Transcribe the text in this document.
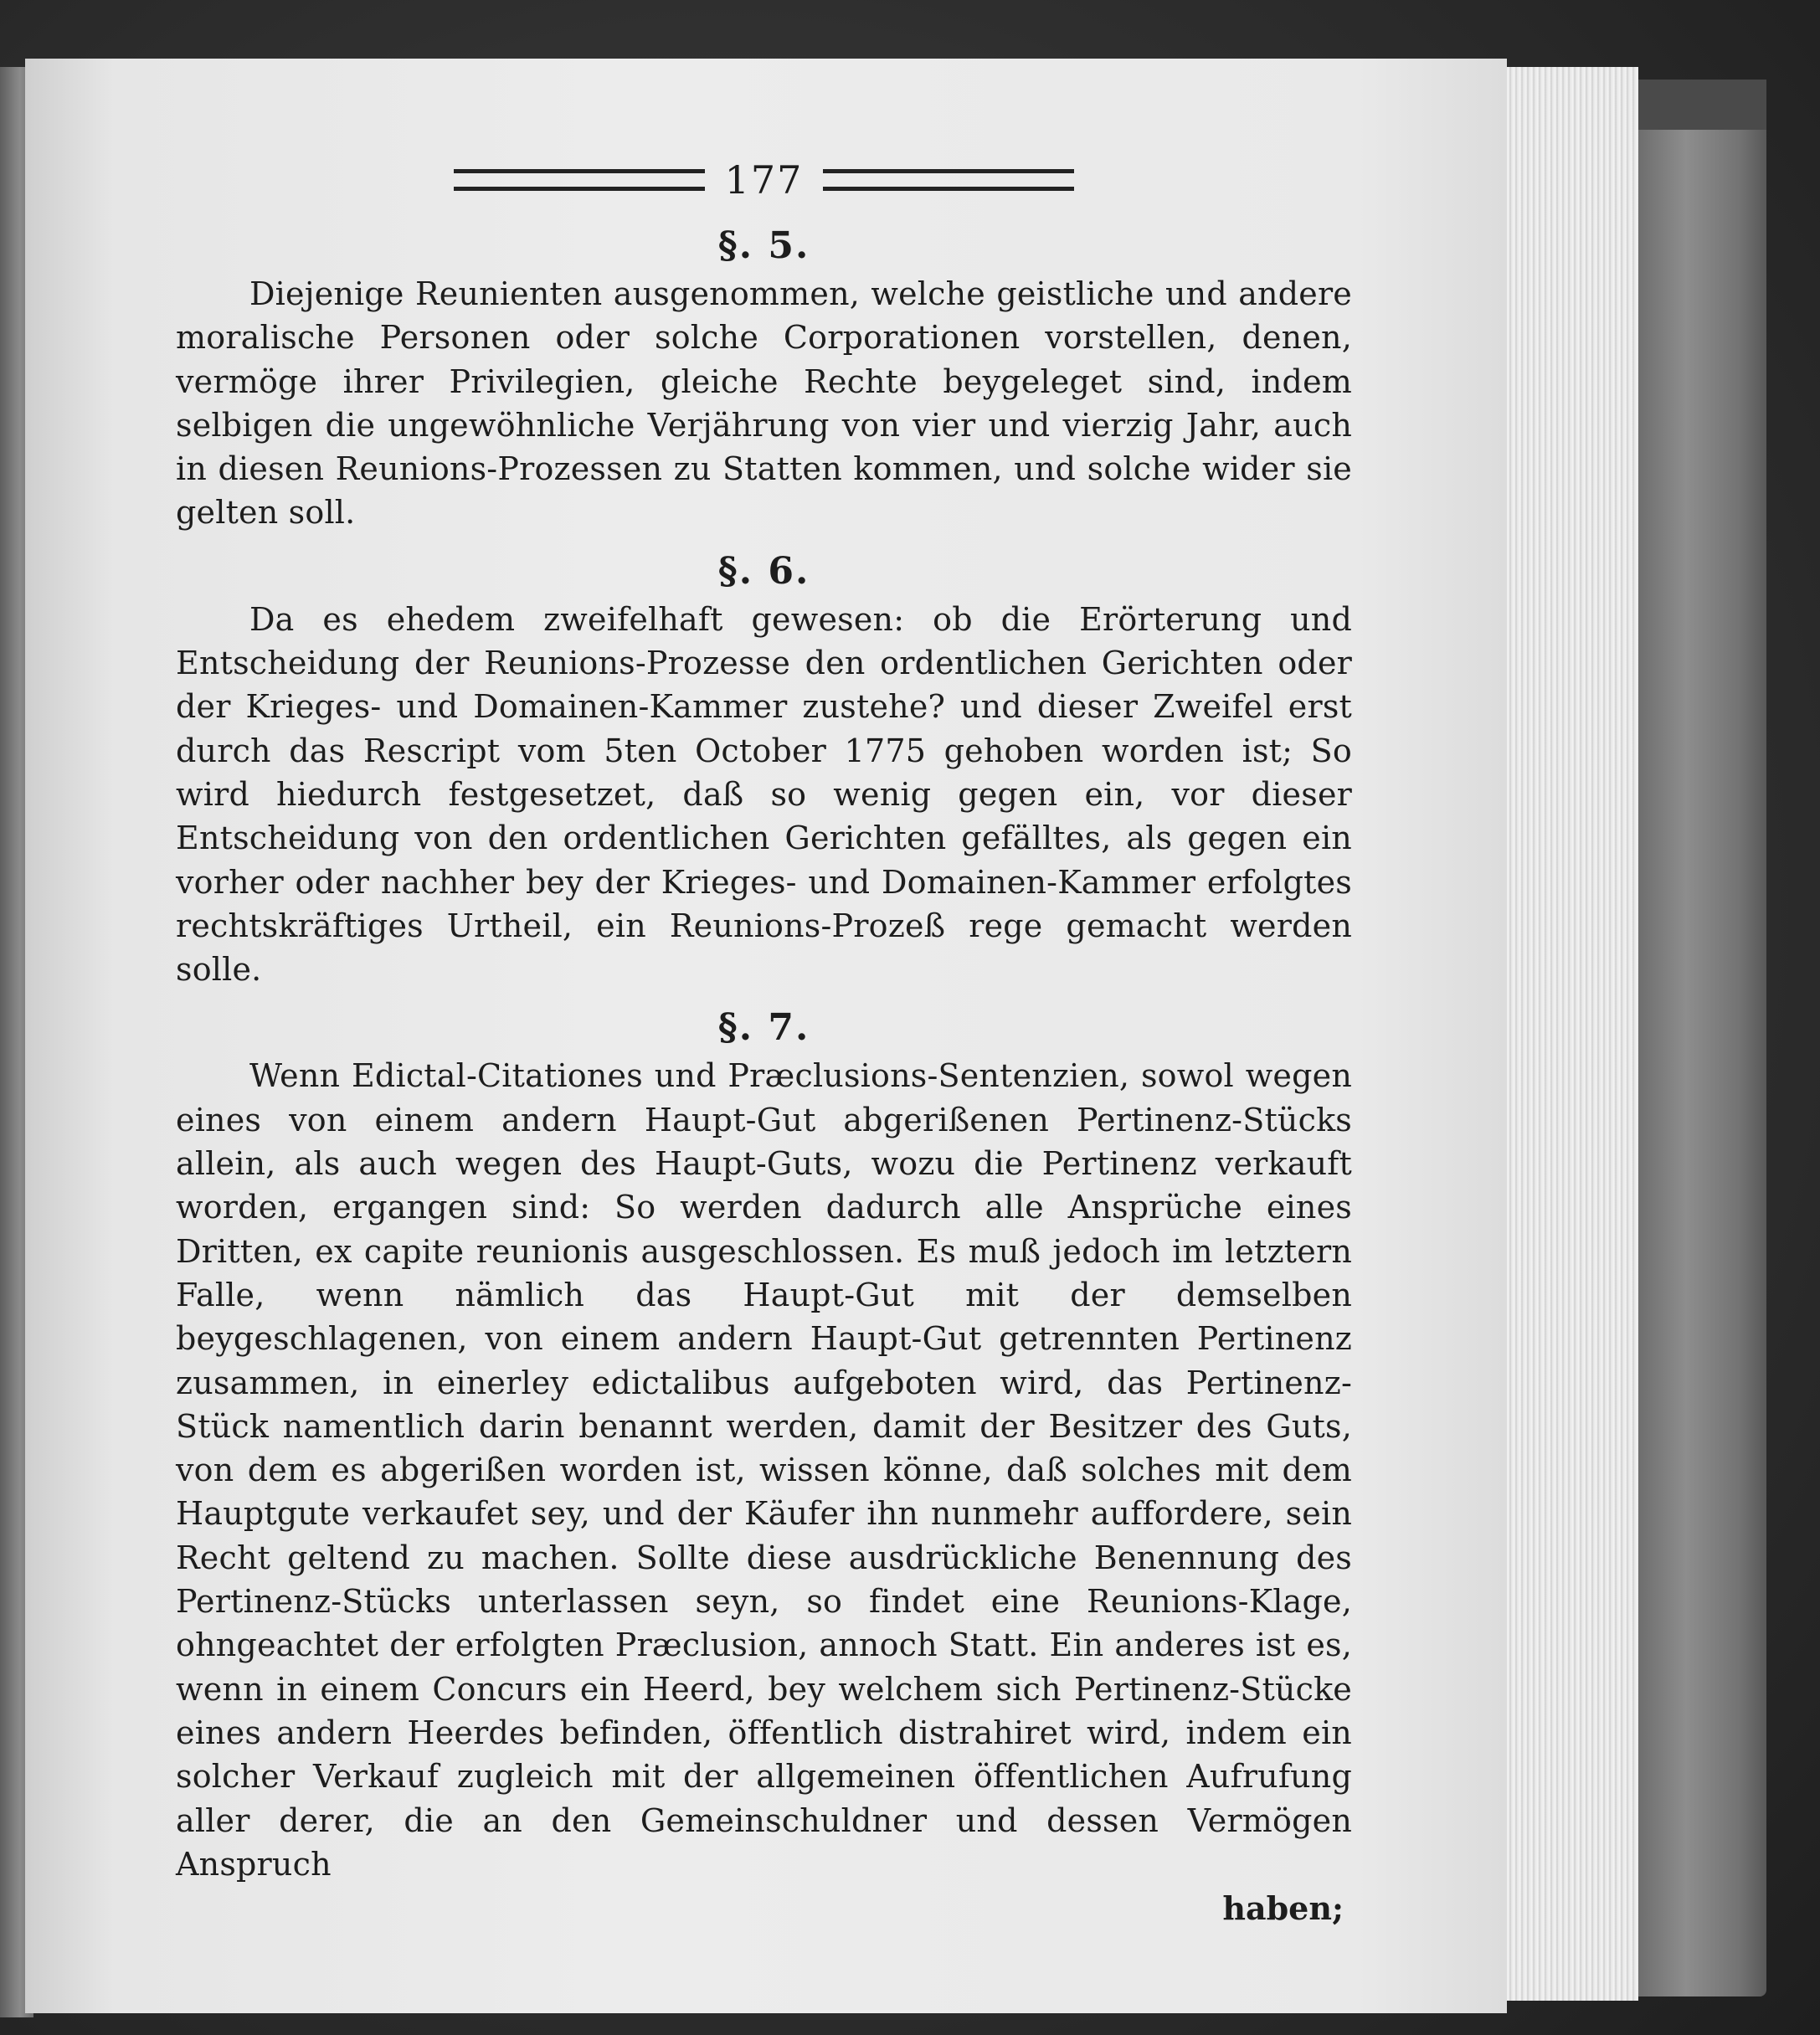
177
§. 5.

Diejenige Reunienten ausgenommen, welche geistliche und andere moralische Personen oder solche Corporationen vorstellen, denen, vermöge ihrer Privilegien, gleiche Rechte beygeleget sind, indem selbigen die ungewöhnliche Verjährung von vier und vierzig Jahr, auch in diesen Reunions-Prozessen zu Statten kommen, und solche wider sie gelten soll.

§. 6.

Da es ehedem zweifelhaft gewesen: ob die Erörterung und Entscheidung der Reunions-Prozesse den ordentlichen Gerichten oder der Krieges- und Domainen-Kammer zustehe? und dieser Zweifel erst durch das Rescript vom 5ten October 1775 gehoben worden ist; So wird hiedurch festgesetzet, daß so wenig gegen ein, vor dieser Entscheidung von den ordentlichen Gerichten gefälltes, als gegen ein vorher oder nachher bey der Krieges- und Domainen-Kammer erfolgtes rechtskräftiges Urtheil, ein Reunions-Prozeß rege gemacht werden solle.

§. 7.

Wenn Edictal-Citationes und Præclusions-Sentenzien, sowol wegen eines von einem andern Haupt-Gut abgerißenen Pertinenz-Stücks allein, als auch wegen des Haupt-Guts, wozu die Pertinenz verkauft worden, ergangen sind: So werden dadurch alle Ansprüche eines Dritten, ex capite reunionis ausgeschlossen. Es muß jedoch im letztern Falle, wenn nämlich das Haupt-Gut mit der demselben beygeschlagenen, von einem andern Haupt-Gut getrennten Pertinenz zusammen, in einerley edictalibus aufgeboten wird, das Pertinenz-Stück namentlich darin benannt werden, damit der Besitzer des Guts, von dem es abgerißen worden ist, wissen könne, daß solches mit dem Hauptgute verkaufet sey, und der Käufer ihn nunmehr auffordere, sein Recht geltend zu machen. Sollte diese ausdrückliche Benennung des Pertinenz-Stücks unterlassen seyn, so findet eine Reunions-Klage, ohngeachtet der erfolgten Præclusion, annoch Statt. Ein anderes ist es, wenn in einem Concurs ein Heerd, bey welchem sich Pertinenz-Stücke eines andern Heerdes befinden, öffentlich distrahiret wird, indem ein solcher Verkauf zugleich mit der allgemeinen öffentlichen Aufrufung aller derer, die an den Gemeinschuldner und dessen Vermögen Anspruch

haben;
